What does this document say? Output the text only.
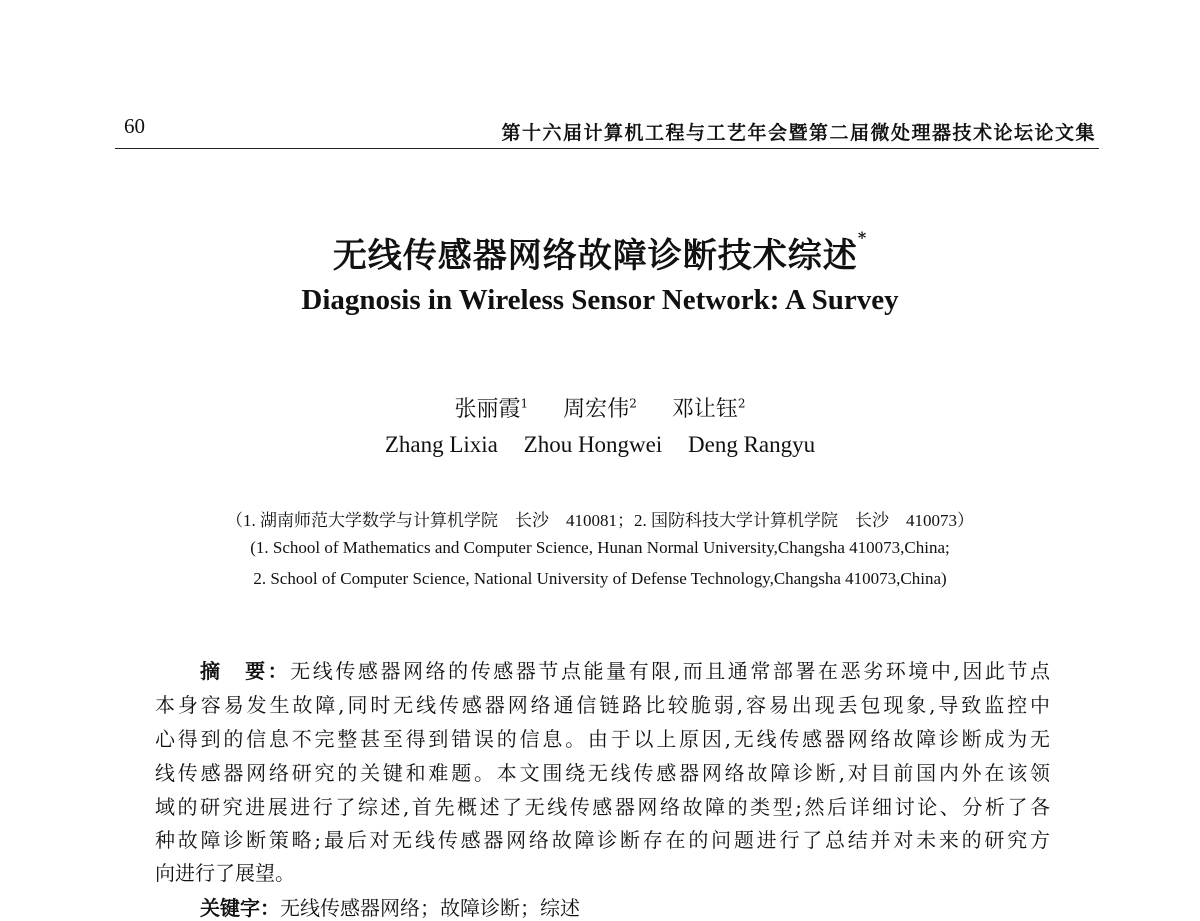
60	第十六届计算机工程与工艺年会暨第二届微处理器技术论坛论文集
无线传感器网络故障诊断技术综述*
Diagnosis in Wireless Sensor Network: A Survey
张丽霞$^1$ 周宏伟$^2$ 邓让钰$^2$
Zhang Lixia Zhou Hongwei Deng Rangyu
（1. 湖南师范大学数学与计算机学院　长沙　410081；2. 国防科技大学计算机学院　长沙　410073）
(1. School of Mathematics and Computer Science, Hunan Normal University,Changsha 410073,China;
2. School of Computer Science, National University of Defense Technology,Changsha 410073,China)
摘　要：无线传感器网络的传感器节点能量有限,而且通常部署在恶劣环境中,因此节点
本身容易发生故障,同时无线传感器网络通信链路比较脆弱,容易出现丢包现象,导致监控中
心得到的信息不完整甚至得到错误的信息。由于以上原因,无线传感器网络故障诊断成为无
线传感器网络研究的关键和难题。本文围绕无线传感器网络故障诊断,对目前国内外在该领
域的研究进展进行了综述,首先概述了无线传感器网络故障的类型;然后详细讨论、分析了各
种故障诊断策略;最后对无线传感器网络故障诊断存在的问题进行了总结并对未来的研究方
向进行了展望。
关键字：无线传感器网络；故障诊断；综述
